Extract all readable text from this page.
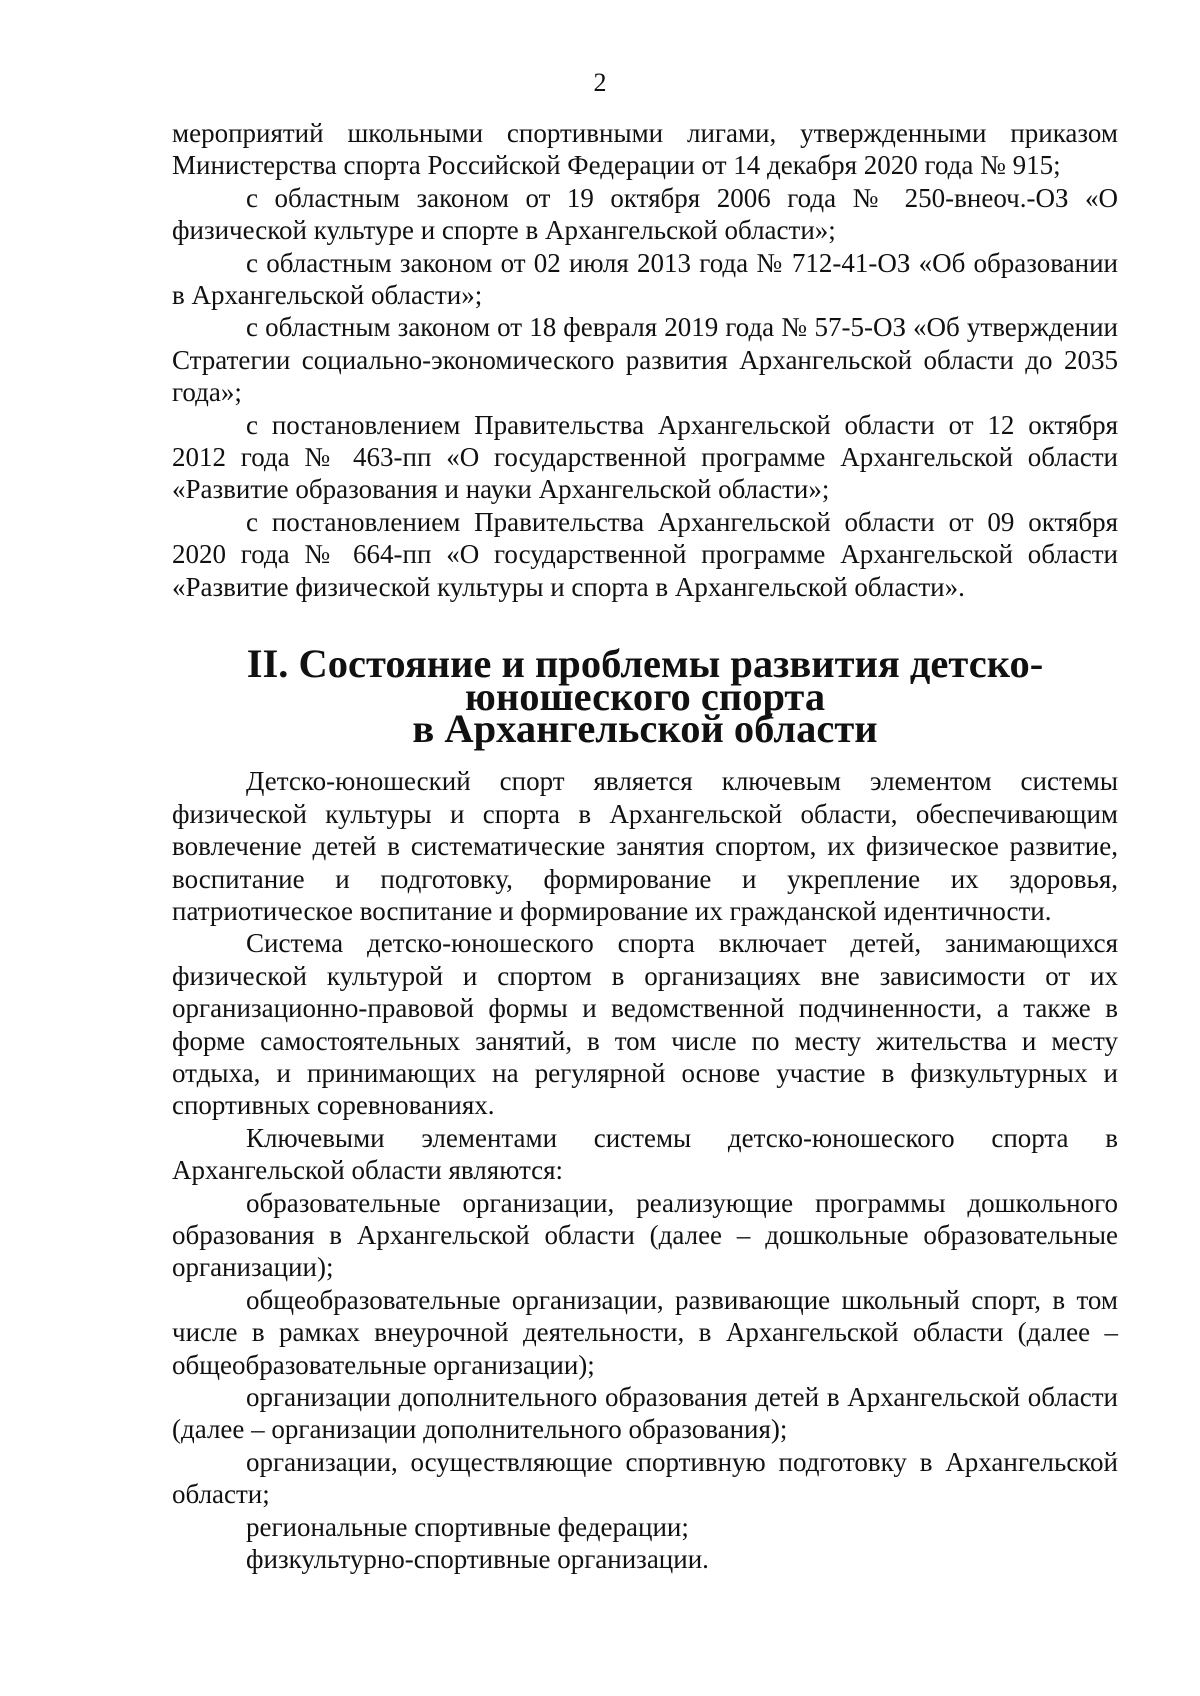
2

мероприятий школьными спортивными лигами, утвержденными приказом Министерства спорта Российской Федерации от 14 декабря 2020 года № 915;

с областным законом от 19 октября 2006 года № 250-внеоч.-ОЗ «О физической культуре и спорте в Архангельской области»;

с областным законом от 02 июля 2013 года № 712-41-ОЗ «Об образовании в Архангельской области»;

с областным законом от 18 февраля 2019 года № 57-5-ОЗ «Об утверждении Стратегии социально-экономического развития Архангельской области до 2035 года»;

с постановлением Правительства Архангельской области от 12 октября 2012 года № 463-пп «О государственной программе Архангельской области «Развитие образования и науки Архангельской области»;

с постановлением Правительства Архангельской области от 09 октября 2020 года № 664-пп «О государственной программе Архангельской области «Развитие физической культуры и спорта в Архангельской области».

II. Состояние и проблемы развития детско-юношеского спорта
в Архангельской области

Детско-юношеский спорт является ключевым элементом системы физической культуры и спорта в Архангельской области, обеспечивающим вовлечение детей в систематические занятия спортом, их физическое развитие, воспитание и подготовку, формирование и укрепление их здоровья, патриотическое воспитание и формирование их гражданской идентичности.

Система детско-юношеского спорта включает детей, занимающихся физической культурой и спортом в организациях вне зависимости от их организационно-правовой формы и ведомственной подчиненности, а также в форме самостоятельных занятий, в том числе по месту жительства и месту отдыха, и принимающих на регулярной основе участие в физкультурных и спортивных соревнованиях.

Ключевыми элементами системы детско-юношеского спорта в Архангельской области являются:

образовательные организации, реализующие программы дошкольного образования в Архангельской области (далее – дошкольные образовательные организации);

общеобразовательные организации, развивающие школьный спорт, в том числе в рамках внеурочной деятельности, в Архангельской области (далее – общеобразовательные организации);

организации дополнительного образования детей в Архангельской области (далее – организации дополнительного образования);

организации, осуществляющие спортивную подготовку в Архангельской области;

региональные спортивные федерации;

физкультурно-спортивные организации.
